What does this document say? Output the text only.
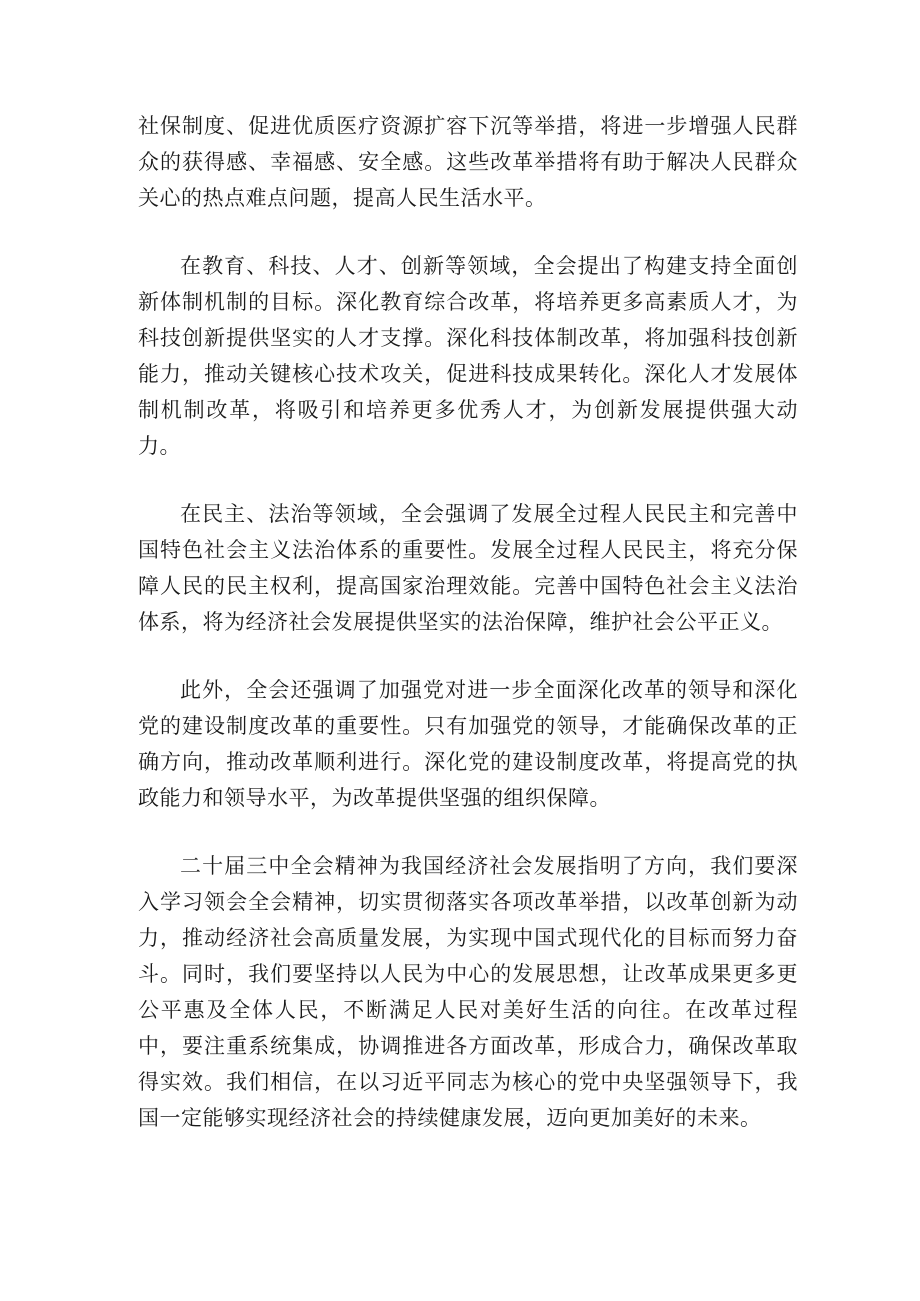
社保制度、促进优质医疗资源扩容下沉等举措，将进一步增强人民群众的获得感、幸福感、安全感。这些改革举措将有助于解决人民群众关心的热点难点问题，提高人民生活水平。

在教育、科技、人才、创新等领域，全会提出了构建支持全面创新体制机制的目标。深化教育综合改革，将培养更多高素质人才，为科技创新提供坚实的人才支撑。深化科技体制改革，将加强科技创新能力，推动关键核心技术攻关，促进科技成果转化。深化人才发展体制机制改革，将吸引和培养更多优秀人才，为创新发展提供强大动力。

在民主、法治等领域，全会强调了发展全过程人民民主和完善中国特色社会主义法治体系的重要性。发展全过程人民民主，将充分保障人民的民主权利，提高国家治理效能。完善中国特色社会主义法治体系，将为经济社会发展提供坚实的法治保障，维护社会公平正义。

此外，全会还强调了加强党对进一步全面深化改革的领导和深化党的建设制度改革的重要性。只有加强党的领导，才能确保改革的正确方向，推动改革顺利进行。深化党的建设制度改革，将提高党的执政能力和领导水平，为改革提供坚强的组织保障。

二十届三中全会精神为我国经济社会发展指明了方向，我们要深入学习领会全会精神，切实贯彻落实各项改革举措，以改革创新为动力，推动经济社会高质量发展，为实现中国式现代化的目标而努力奋斗。同时，我们要坚持以人民为中心的发展思想，让改革成果更多更公平惠及全体人民，不断满足人民对美好生活的向往。在改革过程中，要注重系统集成，协调推进各方面改革，形成合力，确保改革取得实效。我们相信，在以习近平同志为核心的党中央坚强领导下，我国一定能够实现经济社会的持续健康发展，迈向更加美好的未来。
